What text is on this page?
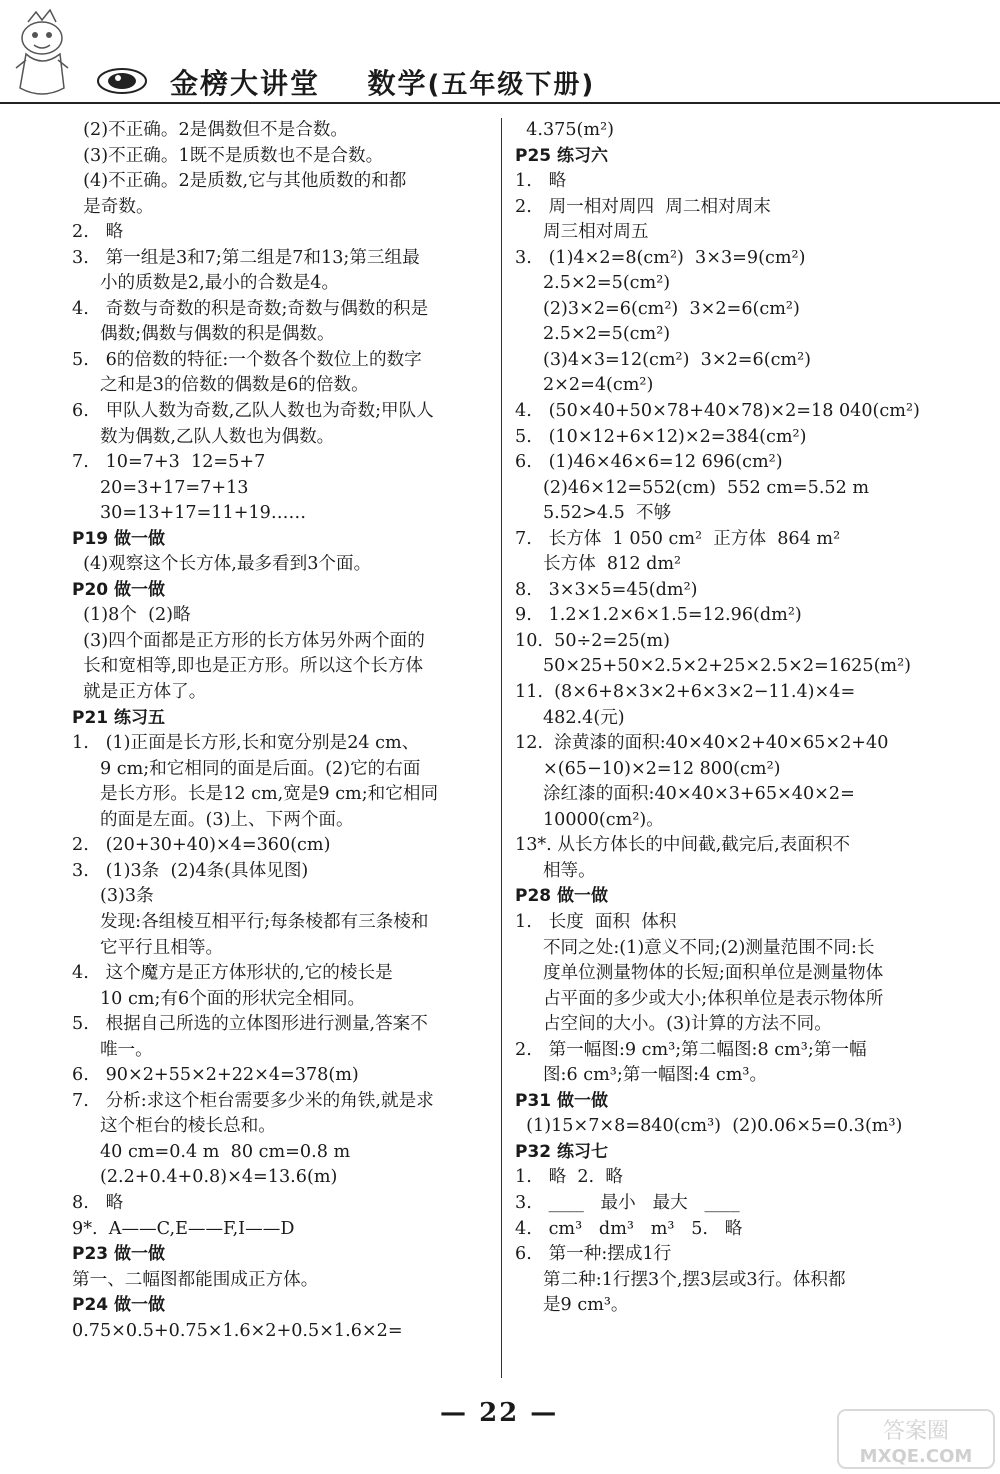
金榜大讲堂 数学(五年级下册)
(2)不正确。2是偶数但不是合数。
(3)不正确。1既不是质数也不是合数。
(4)不正确。2是质数,它与其他质数的和都
是奇数。
2.   略
3.   第一组是3和7;第二组是7和13;第三组最
小的质数是2,最小的合数是4。
4.   奇数与奇数的积是奇数;奇数与偶数的积是
偶数;偶数与偶数的积是偶数。
5.   6的倍数的特征:一个数各个数位上的数字
之和是3的倍数的偶数是6的倍数。
6.   甲队人数为奇数,乙队人数也为奇数;甲队人
数为偶数,乙队人数也为偶数。
7.   10=7+3  12=5+7
20=3+17=7+13
30=13+17=11+19……
P19 做一做
(4)观察这个长方体,最多看到3个面。
P20 做一做
(1)8个  (2)略
(3)四个面都是正方形的长方体另外两个面的
长和宽相等,即也是正方形。所以这个长方体
就是正方体了。
P21 练习五
1.   (1)正面是长方形,长和宽分别是24 cm、
9 cm;和它相同的面是后面。(2)它的右面
是长方形。长是12 cm,宽是9 cm;和它相同
的面是左面。(3)上、下两个面。
2.   (20+30+40)×4=360(cm)
3.   (1)3条  (2)4条(具体见图)
(3)3条
发现:各组棱互相平行;每条棱都有三条棱和
它平行且相等。
4.   这个魔方是正方体形状的,它的棱长是
10 cm;有6个面的形状完全相同。
5.   根据自己所选的立体图形进行测量,答案不
唯一。
6.   90×2+55×2+22×4=378(m)
7.   分析:求这个柜台需要多少米的角铁,就是求
这个柜台的棱长总和。
40 cm=0.4 m  80 cm=0.8 m
(2.2+0.4+0.8)×4=13.6(m)
8.   略
9*.  A——C,E——F,I——D
P23 做一做
第一、二幅图都能围成正方体。
P24 做一做
0.75×0.5+0.75×1.6×2+0.5×1.6×2=
4.375(m²)
P25 练习六
1.   略
2.   周一相对周四  周二相对周末
周三相对周五
3.   (1)4×2=8(cm²)  3×3=9(cm²)
2.5×2=5(cm²)
(2)3×2=6(cm²)  3×2=6(cm²)
2.5×2=5(cm²)
(3)4×3=12(cm²)  3×2=6(cm²)
2×2=4(cm²)
4.   (50×40+50×78+40×78)×2=18 040(cm²)
5.   (10×12+6×12)×2=384(cm²)
6.   (1)46×46×6=12 696(cm²)
(2)46×12=552(cm)  552 cm=5.52 m
5.52>4.5  不够
7.   长方体  1 050 cm²  正方体  864 m²
长方体  812 dm²
8.   3×3×5=45(dm²)
9.   1.2×1.2×6×1.5=12.96(dm²)
10.  50÷2=25(m)
50×25+50×2.5×2+25×2.5×2=1625(m²)
11.  (8×6+8×3×2+6×3×2−11.4)×4=
482.4(元)
12.  涂黄漆的面积:40×40×2+40×65×2+40
×(65−10)×2=12 800(cm²)
涂红漆的面积:40×40×3+65×40×2=
10000(cm²)。
13*. 从长方体长的中间截,截完后,表面积不
相等。
P28 做一做
1.   长度  面积  体积
不同之处:(1)意义不同;(2)测量范围不同:长
度单位测量物体的长短;面积单位是测量物体
占平面的多少或大小;体积单位是表示物体所
占空间的大小。(3)计算的方法不同。
2.   第一幅图:9 cm³;第二幅图:8 cm³;第一幅
图:6 cm³;第一幅图:4 cm³。
P31 做一做
(1)15×7×8=840(cm³)  (2)0.06×5=0.3(m³)
P32 练习七
1.   略  2.  略
3.   ____   最小   最大   ____
4.   cm³   dm³   m³   5.   略
6.   第一种:摆成1行
第二种:1行摆3个,摆3层或3行。体积都
是9 cm³。
— 22 —
答案圈
MXQE.COM
